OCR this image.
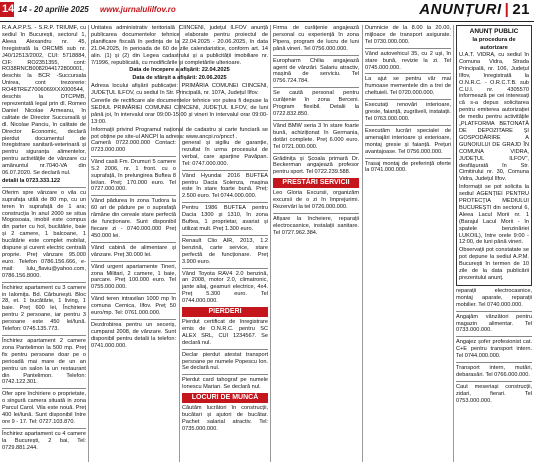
14 14 - 20 aprilie 2025 www.jurnalulilfov.ro	ANUNȚURI | 21

R.A.A.P.P.S. - S.R.P. TRIUMF, cu sediul în București, sectorul 1, Aleea Alexandru nr. 45, înregistrată la ORCMB sub nr. J40/12513/2002, CUI: 5718884, CIF: RO2351355, cont: RO38RNCB0082044172800001, deschis la BCR -Succursala Unirea, cont trezorerie: RO48TREZ7006069XXX000544, deschis la DTCPMB, reprezentată legal prin dl. Romeo Daniel Nicolae Armeanu, în calitate de Director Succursală și dl. Nicolae Panciu, în calitate de Director Economic, declară pierdut documentul de înregistrare sanitară-veterinară și pentru siguranța alimentelor, pentru activitățile de vânzare cu amănuntul nr.7040-VA din 06.07.2020. Se declară nul.

detalii la 0723.333.122

Oferim spre vânzare o vila cu suprafața utilă de 80 mp, cu un teren în suprafață de 1 ara; construcția în anul 2000 se situa Mogosoaia, imobil este compus din parter cu hol, bucătărie, baie și 2 camere, 1 balcoane, 1 bucătărie este complet mobilat, dispune și curent electric centrală proprie. Preț vânzare 95.000 euro. Telefon 0786.156.666, e-mail: lulu_flaviu@yahoo.com, 0786.156.8000.

Închiriez apartament cu 3 camere in Ialomița. Bd. Cărbunești. Bloc 28, et. 1 bucătărie, 1 living, 1 baie. Preț 600 lei, Închiriere pentru 2 persoane, iar pentru 3 persoane este 450 lei/lună. Telefon: 0745.135.773.

Închiriez apartament 2 camere zona Pantelimon la 500 mp. Preț fix pentru persoane doar pe o perioadă mai mare de un an pentru un salon la un restaurant din Pantelimon. Telefon: 0742.122.301.

Ofer spre închiriere o proprietate, o singură camera situată in zona Parcul Carol. Vila este nouă. Preț 400 lei/lună. Sunt disponibil între ore 9 - 17. Tel: 0727.103.870.

Închiriez apartament cu 4 camere la București, 2 bai, Tel: 0729.881.244.

Unitatea administrativ teritorială CIINCENI, județul ILFOV anunță publicarea documentelor tehnice elaborate pentru proiectul de planificare fiscală în ședința de la 22.04.2025 - 20.06.2025, în data 21.04.2025, în perioada de 60 de zile calendaristice, conform art. 14 alin. (1) și (2) din Legea cadastrului și a publicității imobiliare nr. 7/1996, republicată, cu modificările și completările ulterioare.

Data de începere a afișării: 22.04.2025

Data de sfârșit a afișării: 20.06.2025

Adresa locului afișării publicației: PRIMĂRIA COMUNEI CIINCENI, JUDEȚUL ILFOV, cu sediul în Str. Principală, nr. 107A, Județul Ilfov.

Cererile de rectificare ale documentelor tehnice vor putea fi depuse la SEDIUL PRIMĂRIEI COMUNEI CIINCENI, JUDEȚUL ILFOV, de luni până joi, în intervalul orar 09:00-15:00 și vineri în intervalul orar 09:00-13:00.

Informații privind Programul național de cadastru și carte funciară se pot obține pe site-ul ANCPI la adresa: www.ancpi.ro/pnccf .

Cameră 0722.000.000 Contact: 0723.000.000

Vând casă Fm. Drumuri 5 camere S.2 2006, nr. 1 front. cu o suprafață, în prelungirea Buftea 8 lei/an. Preț: 170.000 euro. Tel 0727.000.000.

Vând pădurea în zona Tudora la 60 ari de pădure pe o suprafață rămâne din cereale stare perfectă de funcționare. Sunt disponibil fiecare zi - 0740.000.000 Preț 450.000 lei.

Vând cabină de alimentare și vânzare. Preț 30.000 lei.

Vând urgent apartamente Tineri, zona Militari, 2 camere, 1 baie, parcare. Preț 100.000 euro. Tel 0755.000.000.

Vând teren intravilan 1000 mp în comuna Cernica, Ilfov. Preț 50 euro/mp. Tel: 0761.000.000.

Dezdrobirea pentru un seceriș, cumparat 2008, de vânzare. Sunt disponibil pentru detalii la telefon: 0741.000.000.

general și sigiliu de garanție, rezultat în urma procesului de verbal, care aparține Pavăpan. Tel: 0747.000.000.

Vând Hyundai 2016 BUFTEA pentru Dacia Solenza, mașina este în stare foarte bună. Preț: 2.500 euro. Tel 0744.000.000.

Pentru 1986 BUFTEA pentru Dacia 1300 și 1310, în zona Buftea, 1 proprietar, avariat și utilizat mult. Preț 1.300 euro.

Renault Clio AIR, 2013, 1.2 benzină, carte service, stare perfectă de funcționare. Preț 3.900 euro.

Vând Toyota RAV4 2.0 benzină, an 2008, motor 2.0, climatronic, jante aliaj, geamuri electrice, 4x4. Preț 5.300 euro. Tel 0744.000.000.

PIERDERI

Pierdut certificat de înregistrare emis de O.N.R.C. pentru SC ALEX SRL, CUI 1234567. Se declară nul.

Declar pierdut atestat transport persoane pe numele Popescu Ion. Se declară nul.

Pierdut card tahograf pe numele Ionescu Marian. Se declară nul.

LOCURI DE MUNCĂ

Căutăm lucrători în construcții, bucătari și ajutori de bucătar. Pachet salarial atractiv. Tel: 0735.000.000.

Firma de curățenie angajează personal cu experiență în zona Pipera, program de lucru de luni până vineri. Tel 0756.000.000.

Europharm Chilia angajează agent de vânzări. Salariu atractiv, mașină de serviciu. Tel 0756.724.784.

Se caută personal pentru curățenie în zona Berceni. Program flexibil. Detalii la 0722.832.850.

Vând BMW seria 3 în stare foarte bună, achiziționat în Germania, dotări complete. Preț 6.000 euro. Tel 0721.000.000.

Grădinița și Școala primară Dr. Beckerman angajează profesor pentru sport. Tel 0722.239.588.

PRESTĂRI SERVICII

Leo Gloria Excursii, organizăm excursii de o zi în împrejurimi. Rezervări la tel 0726.000.000.

Afișare la încheiere, reparații electrocasnice, instalații sanitare. Tel 0727.962.384.

Dumnicie de la 8.00 la 20.00, mijloace de transport asigurate. Tel 0730.000.000.

Vând autovehicul 35, cu 2 uși, în stare bună, revizie la zi. Tel 0745.000.000.

La ajut se pentru văr mai frumoase mementele din a trei de cheltuieli. Tel 0720.000.000.

Executați renovări interioare, gresie, faianță, zugrăveli, instalații. Tel 0763.000.000.

Executăm lucrări specialei de amenajări interioare și exterioare, montaj gresie și faianță. Prețuri avantajoase. Tel 0756.000.000.

Trasaj montaj de preferință oferte la 0741.000.000.

ANUNȚ PUBLIC
la procedura de autorizare

U.A.T. VIDRA, cu sediul în Comuna Vidra, Strada Principală, nr. 106, Județul Ilfov, înregistrată la O.N.R.C. - O.R.C.T.B. sub C.U.I. nr. 4305570 informează pe cei interesați că s-a depus solicitarea pentru emiterea autorizației de mediu pentru activitățile „PLATFORMA BETONATĂ DE DEPOZITARE ȘI GOSPODĂRIRE A GUNOIULUI DE GRAJD ÎN COMUNA VIDRA, JUDEȚUL ILFOV", desfășurată în Str. Cimitirului nr. 30, Comuna Vidra, Județul Ilfov.

Informații se pot solicita la sediul AGENȚIEI PENTRU PROTECȚIA MEDIULUI BUCUREȘTI din sectorul 6, Aleea Lacul Morii nr. 1 (Barajul Lacul Morii - în spatele benzinăriei LUKOIL), între orele 9:00 - 12:00, de luni până vineri.

Observații pot constatate se pot depune la sediul A.P.M. București în termen de 10 zile de la data publicării prezentului anunț.

reparații electrocasnice, montaj aparate, reparații mobilier. Tel 0740.000.000.

Angajăm vânzători pentru magazin alimentar. Tel 0733.000.000.

Angajez șofer profesionist cat. C+E pentru transport intern. Tel 0744.000.000.

Transport intern, mutări, debarasări. Tel 0766.000.000.

Caut meseriași construcții, zidari, fierari. Tel 0753.000.000.
